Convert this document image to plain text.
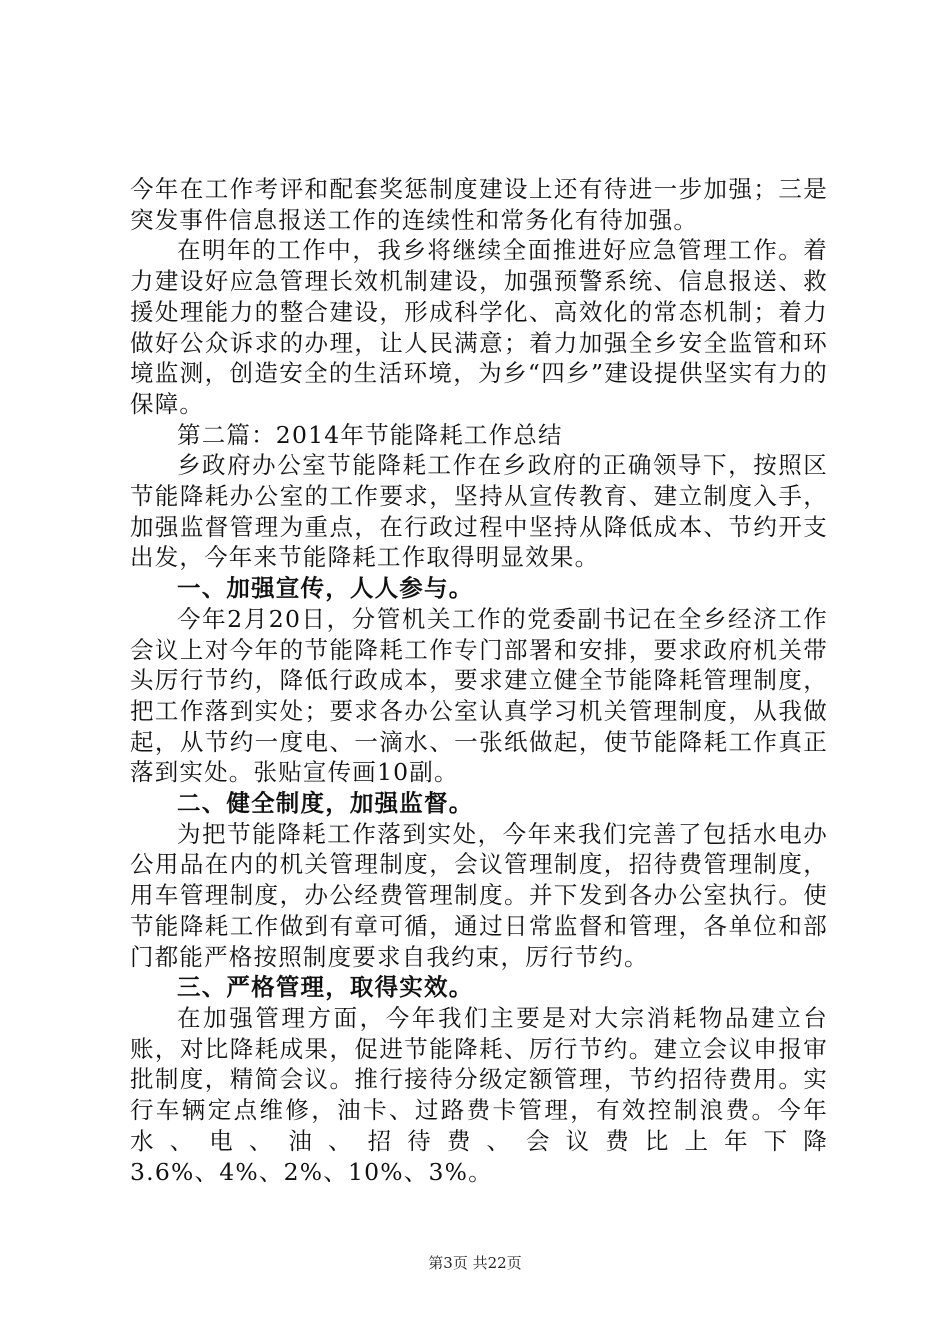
今年在工作考评和配套奖惩制度建设上还有待进一步加强；三是突发事件信息报送工作的连续性和常务化有待加强。

在明年的工作中，我乡将继续全面推进好应急管理工作。着力建设好应急管理长效机制建设，加强预警系统、信息报送、救援处理能力的整合建设，形成科学化、高效化的常态机制；着力做好公众诉求的办理，让人民满意；着力加强全乡安全监管和环境监测，创造安全的生活环境，为乡“四乡”建设提供坚实有力的保障。

第二篇：2014年节能降耗工作总结

乡政府办公室节能降耗工作在乡政府的正确领导下，按照区节能降耗办公室的工作要求，坚持从宣传教育、建立制度入手，加强监督管理为重点，在行政过程中坚持从降低成本、节约开支出发，今年来节能降耗工作取得明显效果。

一、加强宣传，人人参与。

今年2月20日，分管机关工作的党委副书记在全乡经济工作会议上对今年的节能降耗工作专门部署和安排，要求政府机关带头厉行节约，降低行政成本，要求建立健全节能降耗管理制度，把工作落到实处；要求各办公室认真学习机关管理制度，从我做起，从节约一度电、一滴水、一张纸做起，使节能降耗工作真正落到实处。张贴宣传画10副。

二、健全制度，加强监督。

为把节能降耗工作落到实处，今年来我们完善了包括水电办公用品在内的机关管理制度，会议管理制度，招待费管理制度，用车管理制度，办公经费管理制度。并下发到各办公室执行。使节能降耗工作做到有章可循，通过日常监督和管理，各单位和部门都能严格按照制度要求自我约束，厉行节约。

三、严格管理，取得实效。

在加强管理方面，今年我们主要是对大宗消耗物品建立台账，对比降耗成果，促进节能降耗、厉行节约。建立会议申报审批制度，精简会议。推行接待分级定额管理，节约招待费用。实行车辆定点维修，油卡、过路费卡管理，有效控制浪费。今年水、电、油、招待费、会议费比上年下降

3.6%、4%、2%、10%、3%。

第3页 共22页
